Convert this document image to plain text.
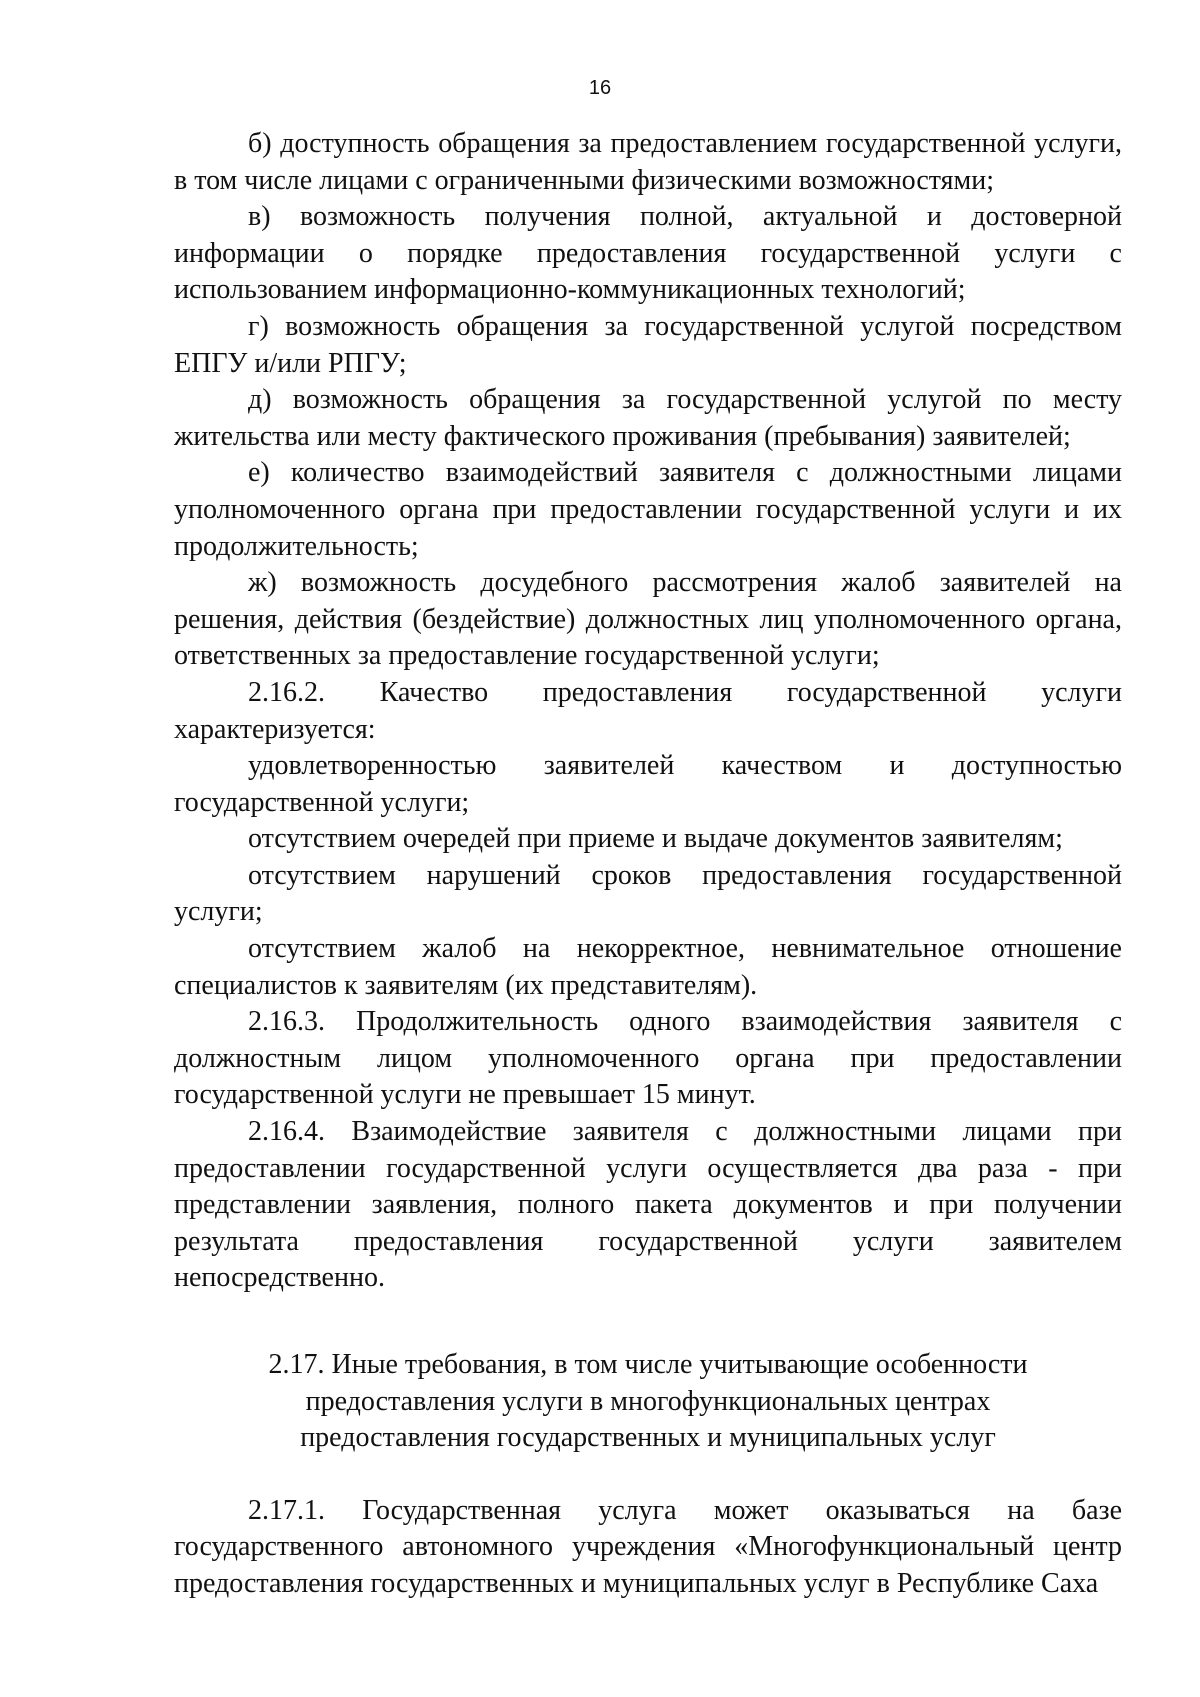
16

б) доступность обращения за предоставлением государственной услуги, в том числе лицами с ограниченными физическими возможностями;

в) возможность получения полной, актуальной и достоверной информации о порядке предоставления государственной услуги с использованием информационно-коммуникационных технологий;

г) возможность обращения за государственной услугой посредством ЕПГУ и/или РПГУ;

д) возможность обращения за государственной услугой по месту жительства или месту фактического проживания (пребывания) заявителей;

е) количество взаимодействий заявителя с должностными лицами уполномоченного органа при предоставлении государственной услуги и их продолжительность;

ж) возможность досудебного рассмотрения жалоб заявителей на решения, действия (бездействие) должностных лиц уполномоченного органа, ответственных за предоставление государственной услуги;

2.16.2. Качество предоставления государственной услуги характеризуется:

удовлетворенностью заявителей качеством и доступностью государственной услуги;

отсутствием очередей при приеме и выдаче документов заявителям;

отсутствием нарушений сроков предоставления государственной услуги;

отсутствием жалоб на некорректное, невнимательное отношение специалистов к заявителям (их представителям).

2.16.3. Продолжительность одного взаимодействия заявителя с должностным лицом уполномоченного органа при предоставлении государственной услуги не превышает 15 минут.

2.16.4. Взаимодействие заявителя с должностными лицами при предоставлении государственной услуги осуществляется два раза - при представлении заявления, полного пакета документов и при получении результата предоставления государственной услуги заявителем непосредственно.

2.17. Иные требования, в том числе учитывающие особенности
предоставления услуги в многофункциональных центрах
предоставления государственных и муниципальных услуг

2.17.1. Государственная услуга может оказываться на базе государственного автономного учреждения «Многофункциональный центр предоставления государственных и муниципальных услуг в Республике Саха
